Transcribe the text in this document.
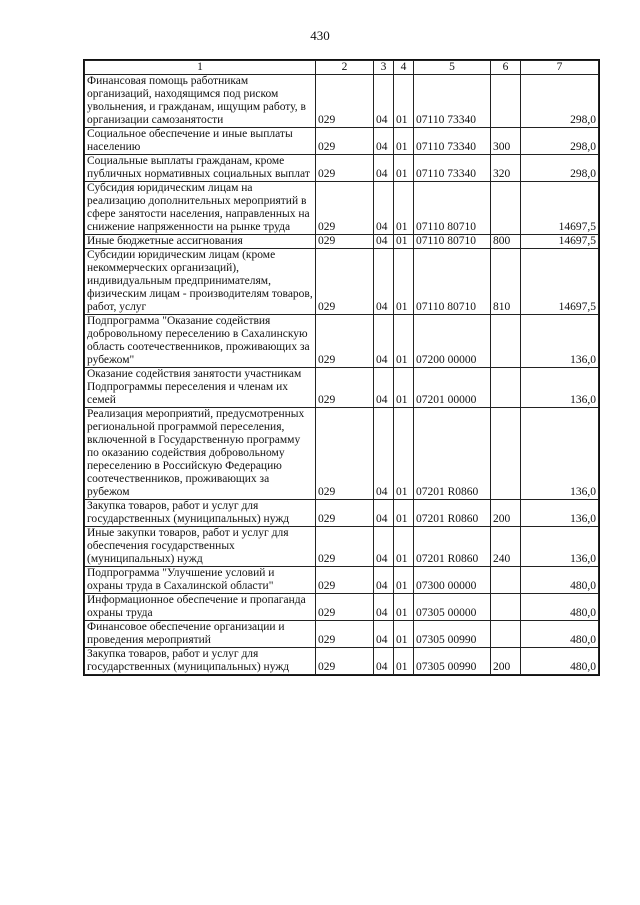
430
1	2	3	4	5	6	7
Финансовая помощь работникам организаций, находящимся под риском увольнения, и гражданам, ищущим работу, в организации самозанятости	029	04	01	07110 73340		298,0
Социальное обеспечение и иные выплаты населению	029	04	01	07110 73340	300	298,0
Социальные выплаты гражданам, кроме публичных нормативных социальных выплат	029	04	01	07110 73340	320	298,0
Субсидия юридическим лицам на реализацию дополнительных мероприятий в сфере занятости населения, направленных на снижение напряженности на рынке труда	029	04	01	07110 80710		14697,5
Иные бюджетные ассигнования	029	04	01	07110 80710	800	14697,5
Субсидии юридическим лицам (кроме некоммерческих организаций), индивидуальным предпринимателям, физическим лицам - производителям товаров, работ, услуг	029	04	01	07110 80710	810	14697,5
Подпрограмма "Оказание содействия добровольному переселению в Сахалинскую область соотечественников, проживающих за рубежом"	029	04	01	07200 00000		136,0
Оказание содействия занятости участникам Подпрограммы переселения и членам их семей	029	04	01	07201 00000		136,0
Реализация мероприятий, предусмотренных региональной программой переселения, включенной в Государственную программу по оказанию содействия добровольному переселению в Российскую Федерацию соотечественников, проживающих за рубежом	029	04	01	07201 R0860		136,0
Закупка товаров, работ и услуг для государственных (муниципальных) нужд	029	04	01	07201 R0860	200	136,0
Иные закупки товаров, работ и услуг для обеспечения государственных (муниципальных) нужд	029	04	01	07201 R0860	240	136,0
Подпрограмма "Улучшение условий и охраны труда в Сахалинской области"	029	04	01	07300 00000		480,0
Информационное обеспечение и пропаганда охраны труда	029	04	01	07305 00000		480,0
Финансовое обеспечение организации и проведения мероприятий	029	04	01	07305 00990		480,0
Закупка товаров, работ и услуг для государственных (муниципальных) нужд	029	04	01	07305 00990	200	480,0
